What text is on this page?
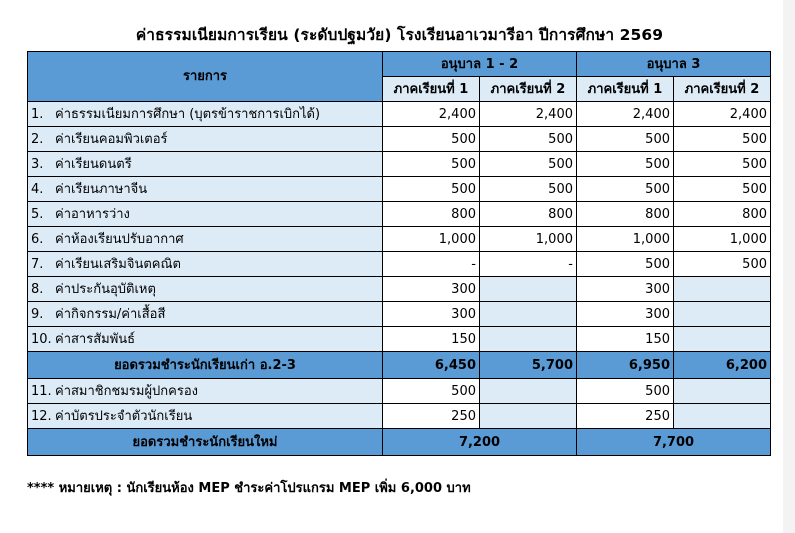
ค่าธรรมเนียมการเรียน (ระดับปฐมวัย) โรงเรียนอาเวมารีอา ปีการศึกษา 2569
รายการ	อนุบาล 1 - 2		อนุบาล 3	
	ภาคเรียนที่ 1	ภาคเรียนที่ 2	ภาคเรียนที่ 1	ภาคเรียนที่ 2
1. ค่าธรรมเนียมการศึกษา (บุตรข้าราชการเบิกได้)	2,400	2,400	2,400	2,400
2. ค่าเรียนคอมพิวเตอร์	500	500	500	500
3. ค่าเรียนดนตรี	500	500	500	500
4. ค่าเรียนภาษาจีน	500	500	500	500
5. ค่าอาหารว่าง	800	800	800	800
6. ค่าห้องเรียนปรับอากาศ	1,000	1,000	1,000	1,000
7. ค่าเรียนเสริมจินตคณิต	-	-	500	500
8. ค่าประกันอุบัติเหตุ	300		300	
9. ค่ากิจกรรม/ค่าเสื้อสี	300		300	
10. ค่าสารสัมพันธ์	150		150	
ยอดรวมชำระนักเรียนเก่า อ.2-3	6,450	5,700	6,950	6,200
11. ค่าสมาชิกชมรมผู้ปกครอง	500		500	
12. ค่าบัตรประจำตัวนักเรียน	250		250	
ยอดรวมชำระนักเรียนใหม่	7,200		7,700	
**** หมายเหตุ : นักเรียนห้อง MEP ชำระค่าโปรแกรม MEP เพิ่ม 6,000 บาท
